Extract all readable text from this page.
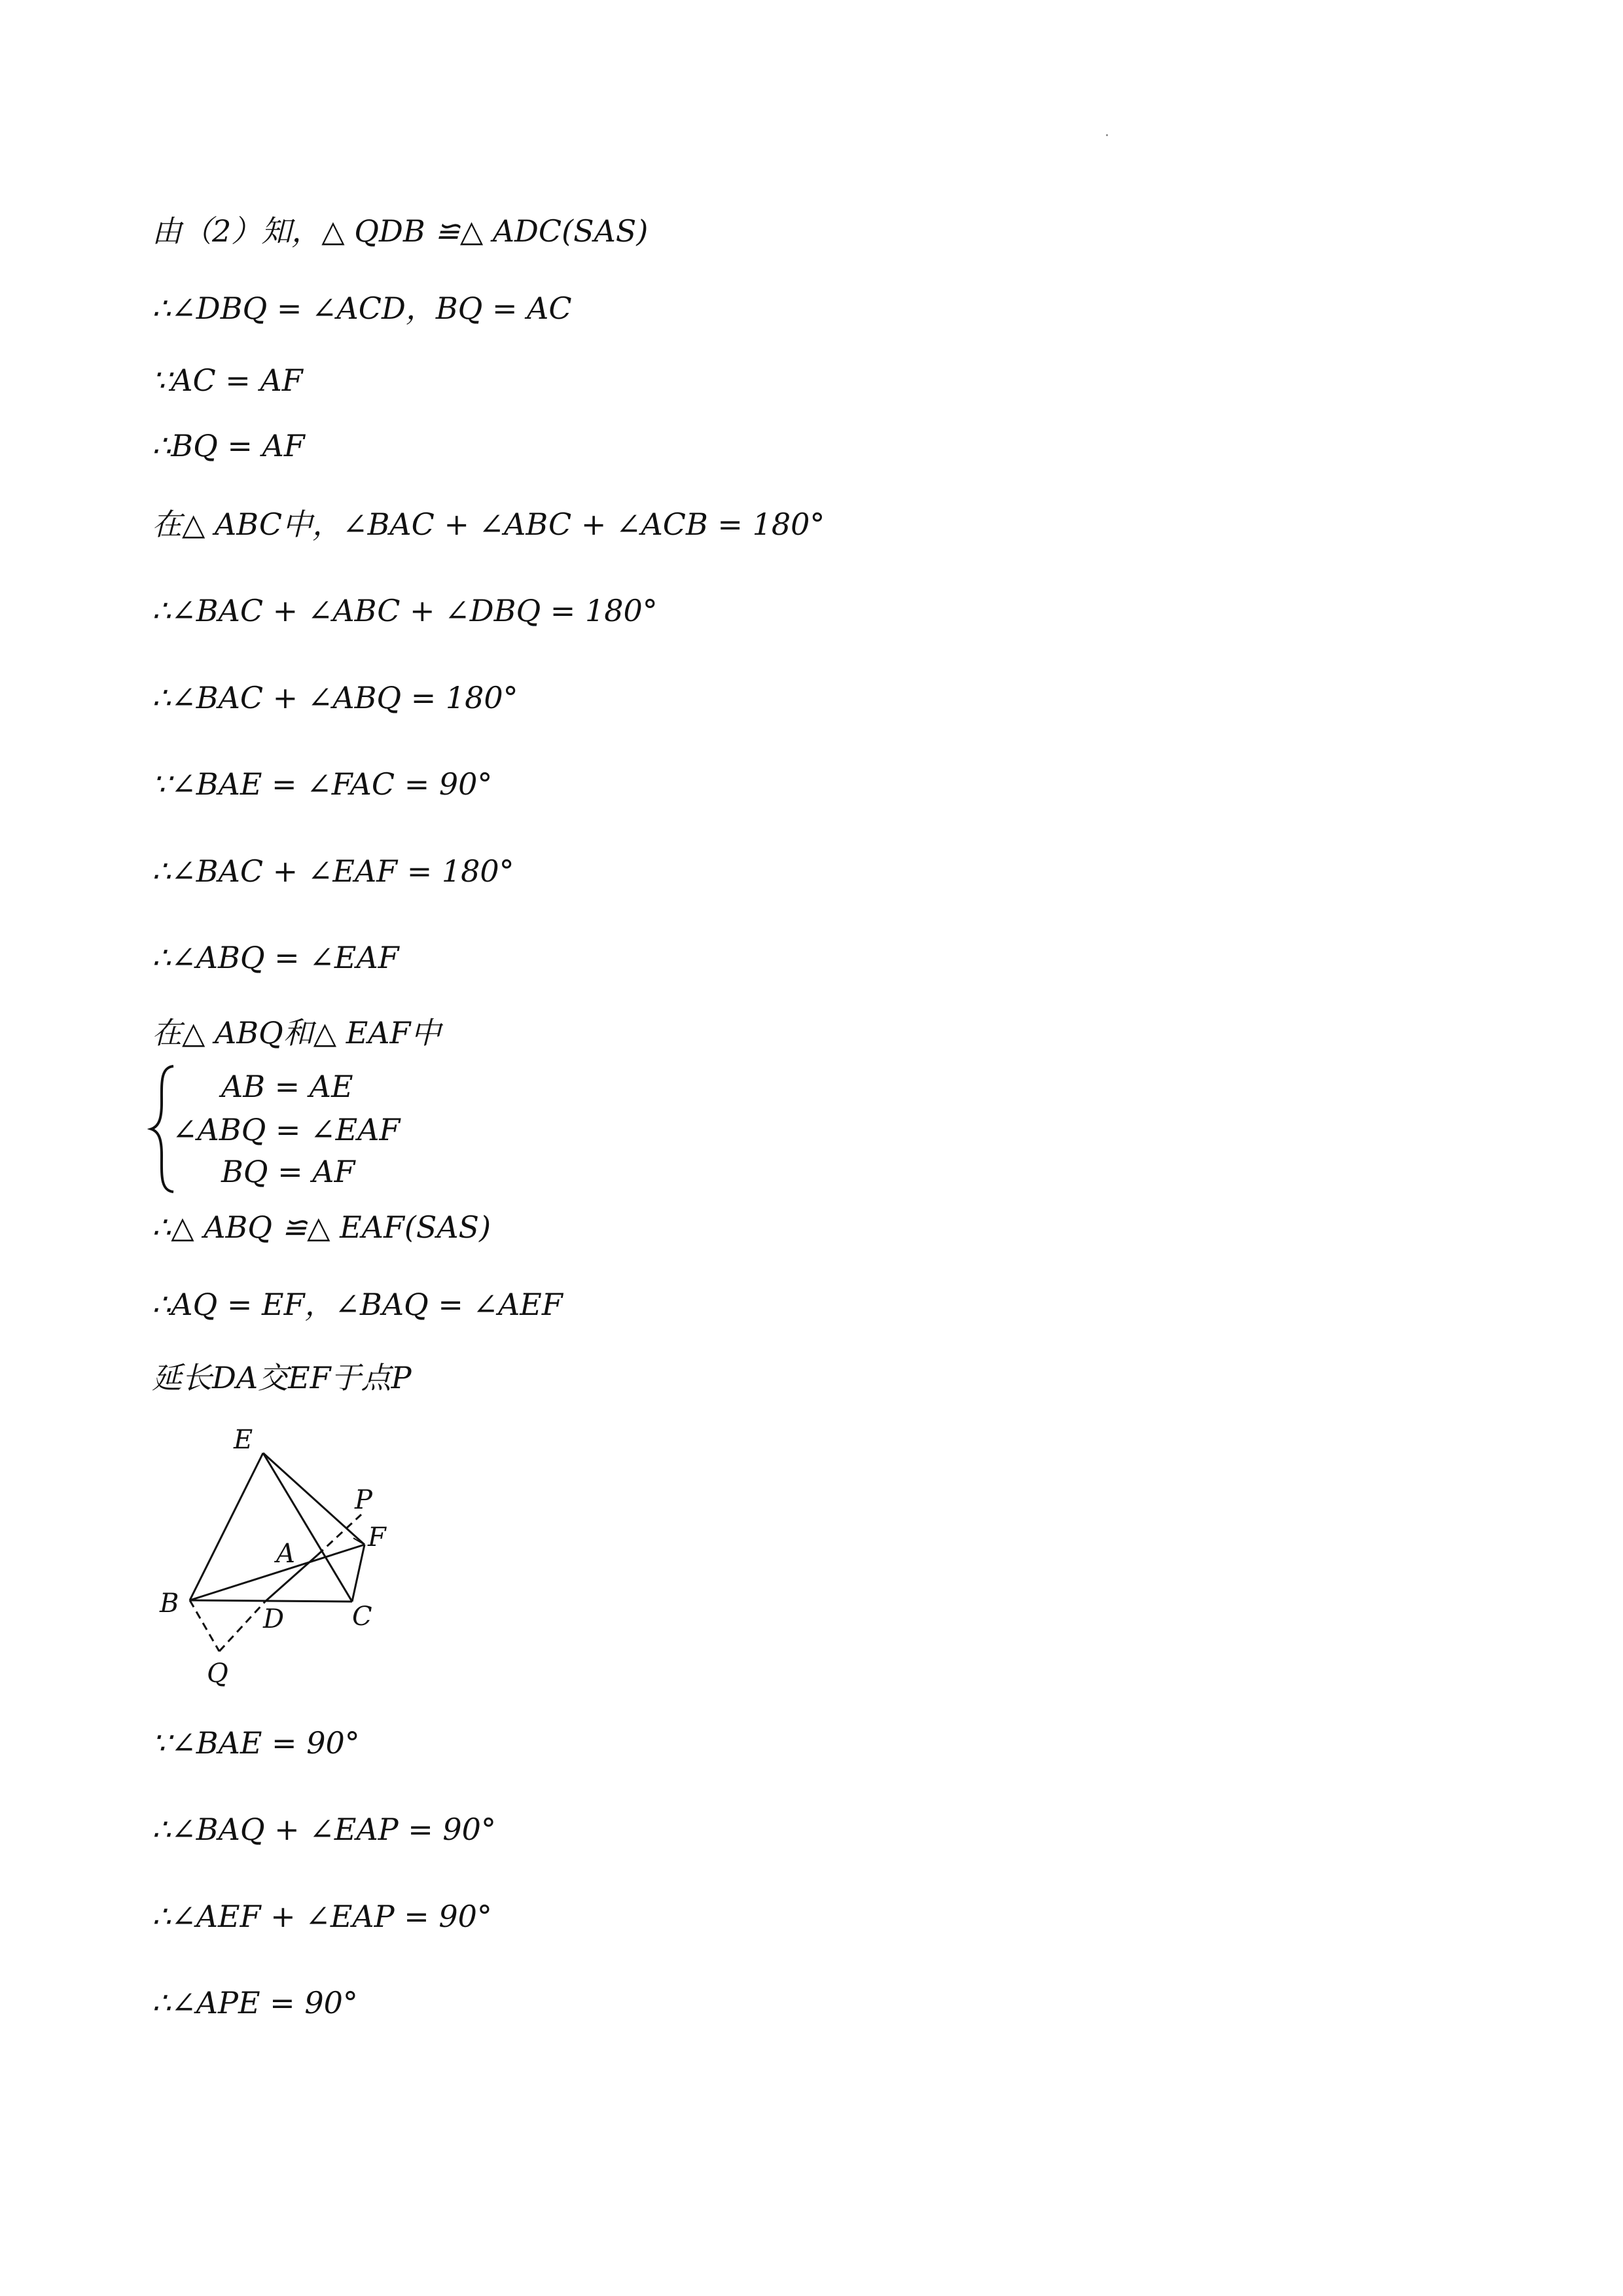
由（2）知，△ QDB ≌△ ADC(SAS)
∴∠DBQ = ∠ACD，BQ = AC
∵AC = AF
∴BQ = AF
在△ ABC中，∠BAC + ∠ABC + ∠ACB = 180°
∴∠BAC + ∠ABC + ∠DBQ = 180°
∴∠BAC + ∠ABQ = 180°
∵∠BAE = ∠FAC = 90°
∴∠BAC + ∠EAF = 180°
∴∠ABQ = ∠EAF
在△ ABQ和△ EAF中
AB = AE
∠ABQ = ∠EAF
BQ = AF
∴△ ABQ ≌△ EAF(SAS)
∴AQ = EF，∠BAQ = ∠AEF
延长DA交EF于点P
E
P
F
A
B
D	C
Q
∵∠BAE = 90°
∴∠BAQ + ∠EAP = 90°
∴∠AEF + ∠EAP = 90°
∴∠APE = 90°
